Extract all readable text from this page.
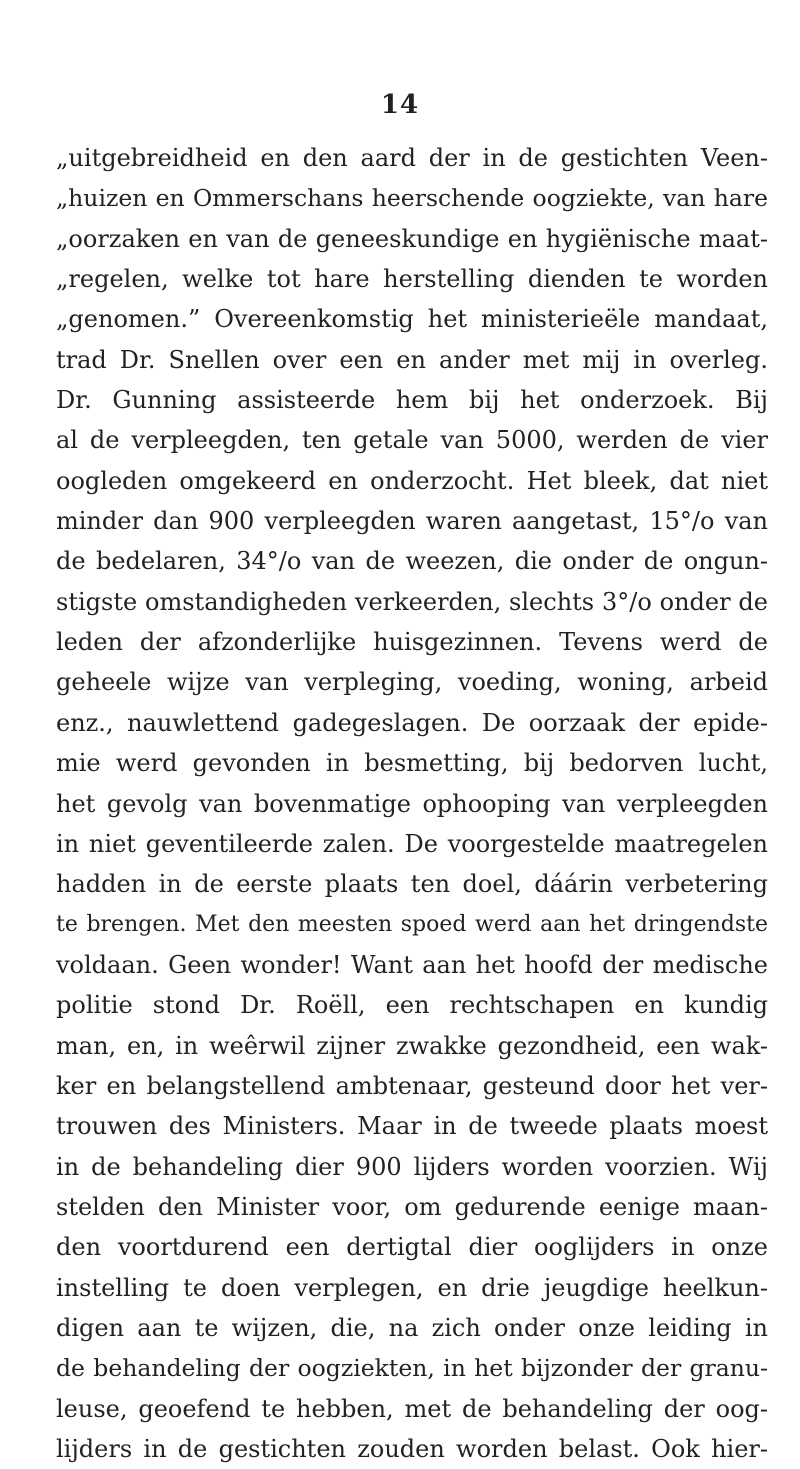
14
„uitgebreidheid en den aard der in de gestichten Veen-
„huizen en Ommerschans heerschende oogziekte, van hare
„oorzaken en van de geneeskundige en hygiënische maat-
„regelen, welke tot hare herstelling dienden te worden
„genomen.” Overeenkomstig het ministerieële mandaat,
trad Dr. Snellen over een en ander met mij in overleg.
Dr. Gunning assisteerde hem bij het onderzoek. Bij
al de verpleegden, ten getale van 5000, werden de vier
oogleden omgekeerd en onderzocht. Het bleek, dat niet
minder dan 900 verpleegden waren aangetast, 15°/o van
de bedelaren, 34°/o van de weezen, die onder de ongun-
stigste omstandigheden verkeerden, slechts 3°/o onder de
leden der afzonderlijke huisgezinnen. Tevens werd de
geheele wijze van verpleging, voeding, woning, arbeid
enz., nauwlettend gadegeslagen. De oorzaak der epide-
mie werd gevonden in besmetting, bij bedorven lucht,
het gevolg van bovenmatige ophooping van verpleegden
in niet geventileerde zalen. De voorgestelde maatregelen
hadden in de eerste plaats ten doel, dáárin verbetering
te brengen. Met den meesten spoed werd aan het dringendste
voldaan. Geen wonder! Want aan het hoofd der medische
politie stond Dr. Roëll, een rechtschapen en kundig
man, en, in weêrwil zijner zwakke gezondheid, een wak-
ker en belangstellend ambtenaar, gesteund door het ver-
trouwen des Ministers. Maar in de tweede plaats moest
in de behandeling dier 900 lijders worden voorzien. Wij
stelden den Minister voor, om gedurende eenige maan-
den voortdurend een dertigtal dier ooglijders in onze
instelling te doen verplegen, en drie jeugdige heelkun-
digen aan te wijzen, die, na zich onder onze leiding in
de behandeling der oogziekten, in het bijzonder der granu-
leuse, geoefend te hebben, met de behandeling der oog-
lijders in de gestichten zouden worden belast. Ook hier-
